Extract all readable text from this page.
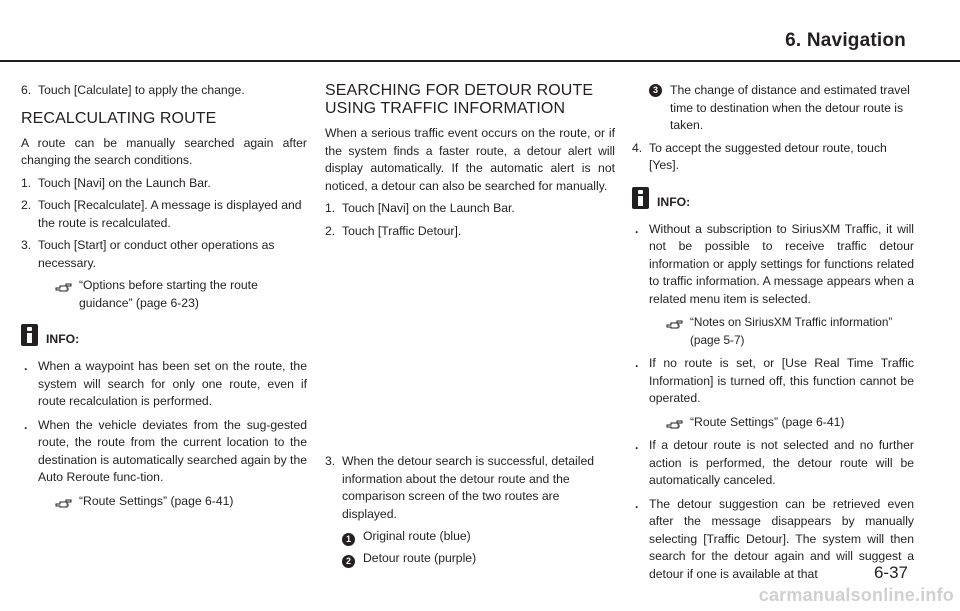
6. Navigation
6. Touch [Calculate] to apply the change.
RECALCULATING ROUTE

A route can be manually searched again after changing the search conditions.

1. Touch [Navi] on the Launch Bar.
2. Touch [Recalculate]. A message is displayed and the route is recalculated.
3. Touch [Start] or conduct other operations as necessary.
“Options before starting the route guidance” (page 6-23)
INFO:
. When a waypoint has been set on the route, the system will search for only one route, even if route recalculation is performed.
. When the vehicle deviates from the sug-gested route, the route from the current location to the destination is automatically searched again by the Auto Reroute func-tion.
“Route Settings” (page 6-41)
SEARCHING FOR DETOUR ROUTE USING TRAFFIC INFORMATION

When a serious traffic event occurs on the route, or if the system finds a faster route, a detour alert will display automatically. If the automatic alert is not noticed, a detour can also be searched for manually.

1. Touch [Navi] on the Launch Bar.
2. Touch [Traffic Detour].
3. When the detour search is successful, detailed information about the detour route and the comparison screen of the two routes are displayed.
1 Original route (blue)
2 Detour route (purple)
3 The change of distance and estimated travel time to destination when the detour route is taken.
4. To accept the suggested detour route, touch [Yes].
INFO:
. Without a subscription to SiriusXM Traffic, it will not be possible to receive traffic detour information or apply settings for functions related to traffic information. A message appears when a related menu item is selected.
“Notes on SiriusXM Traffic information” (page 5-7)
. If no route is set, or [Use Real Time Traffic Information] is turned off, this function cannot be operated.
“Route Settings” (page 6-41)
. If a detour route is not selected and no further action is performed, the detour route will be automatically canceled.
. The detour suggestion can be retrieved even after the message disappears by manually selecting [Traffic Detour]. The system will then search for the detour again and will suggest a detour if one is available at that	6-37
carmanualsonline.info
